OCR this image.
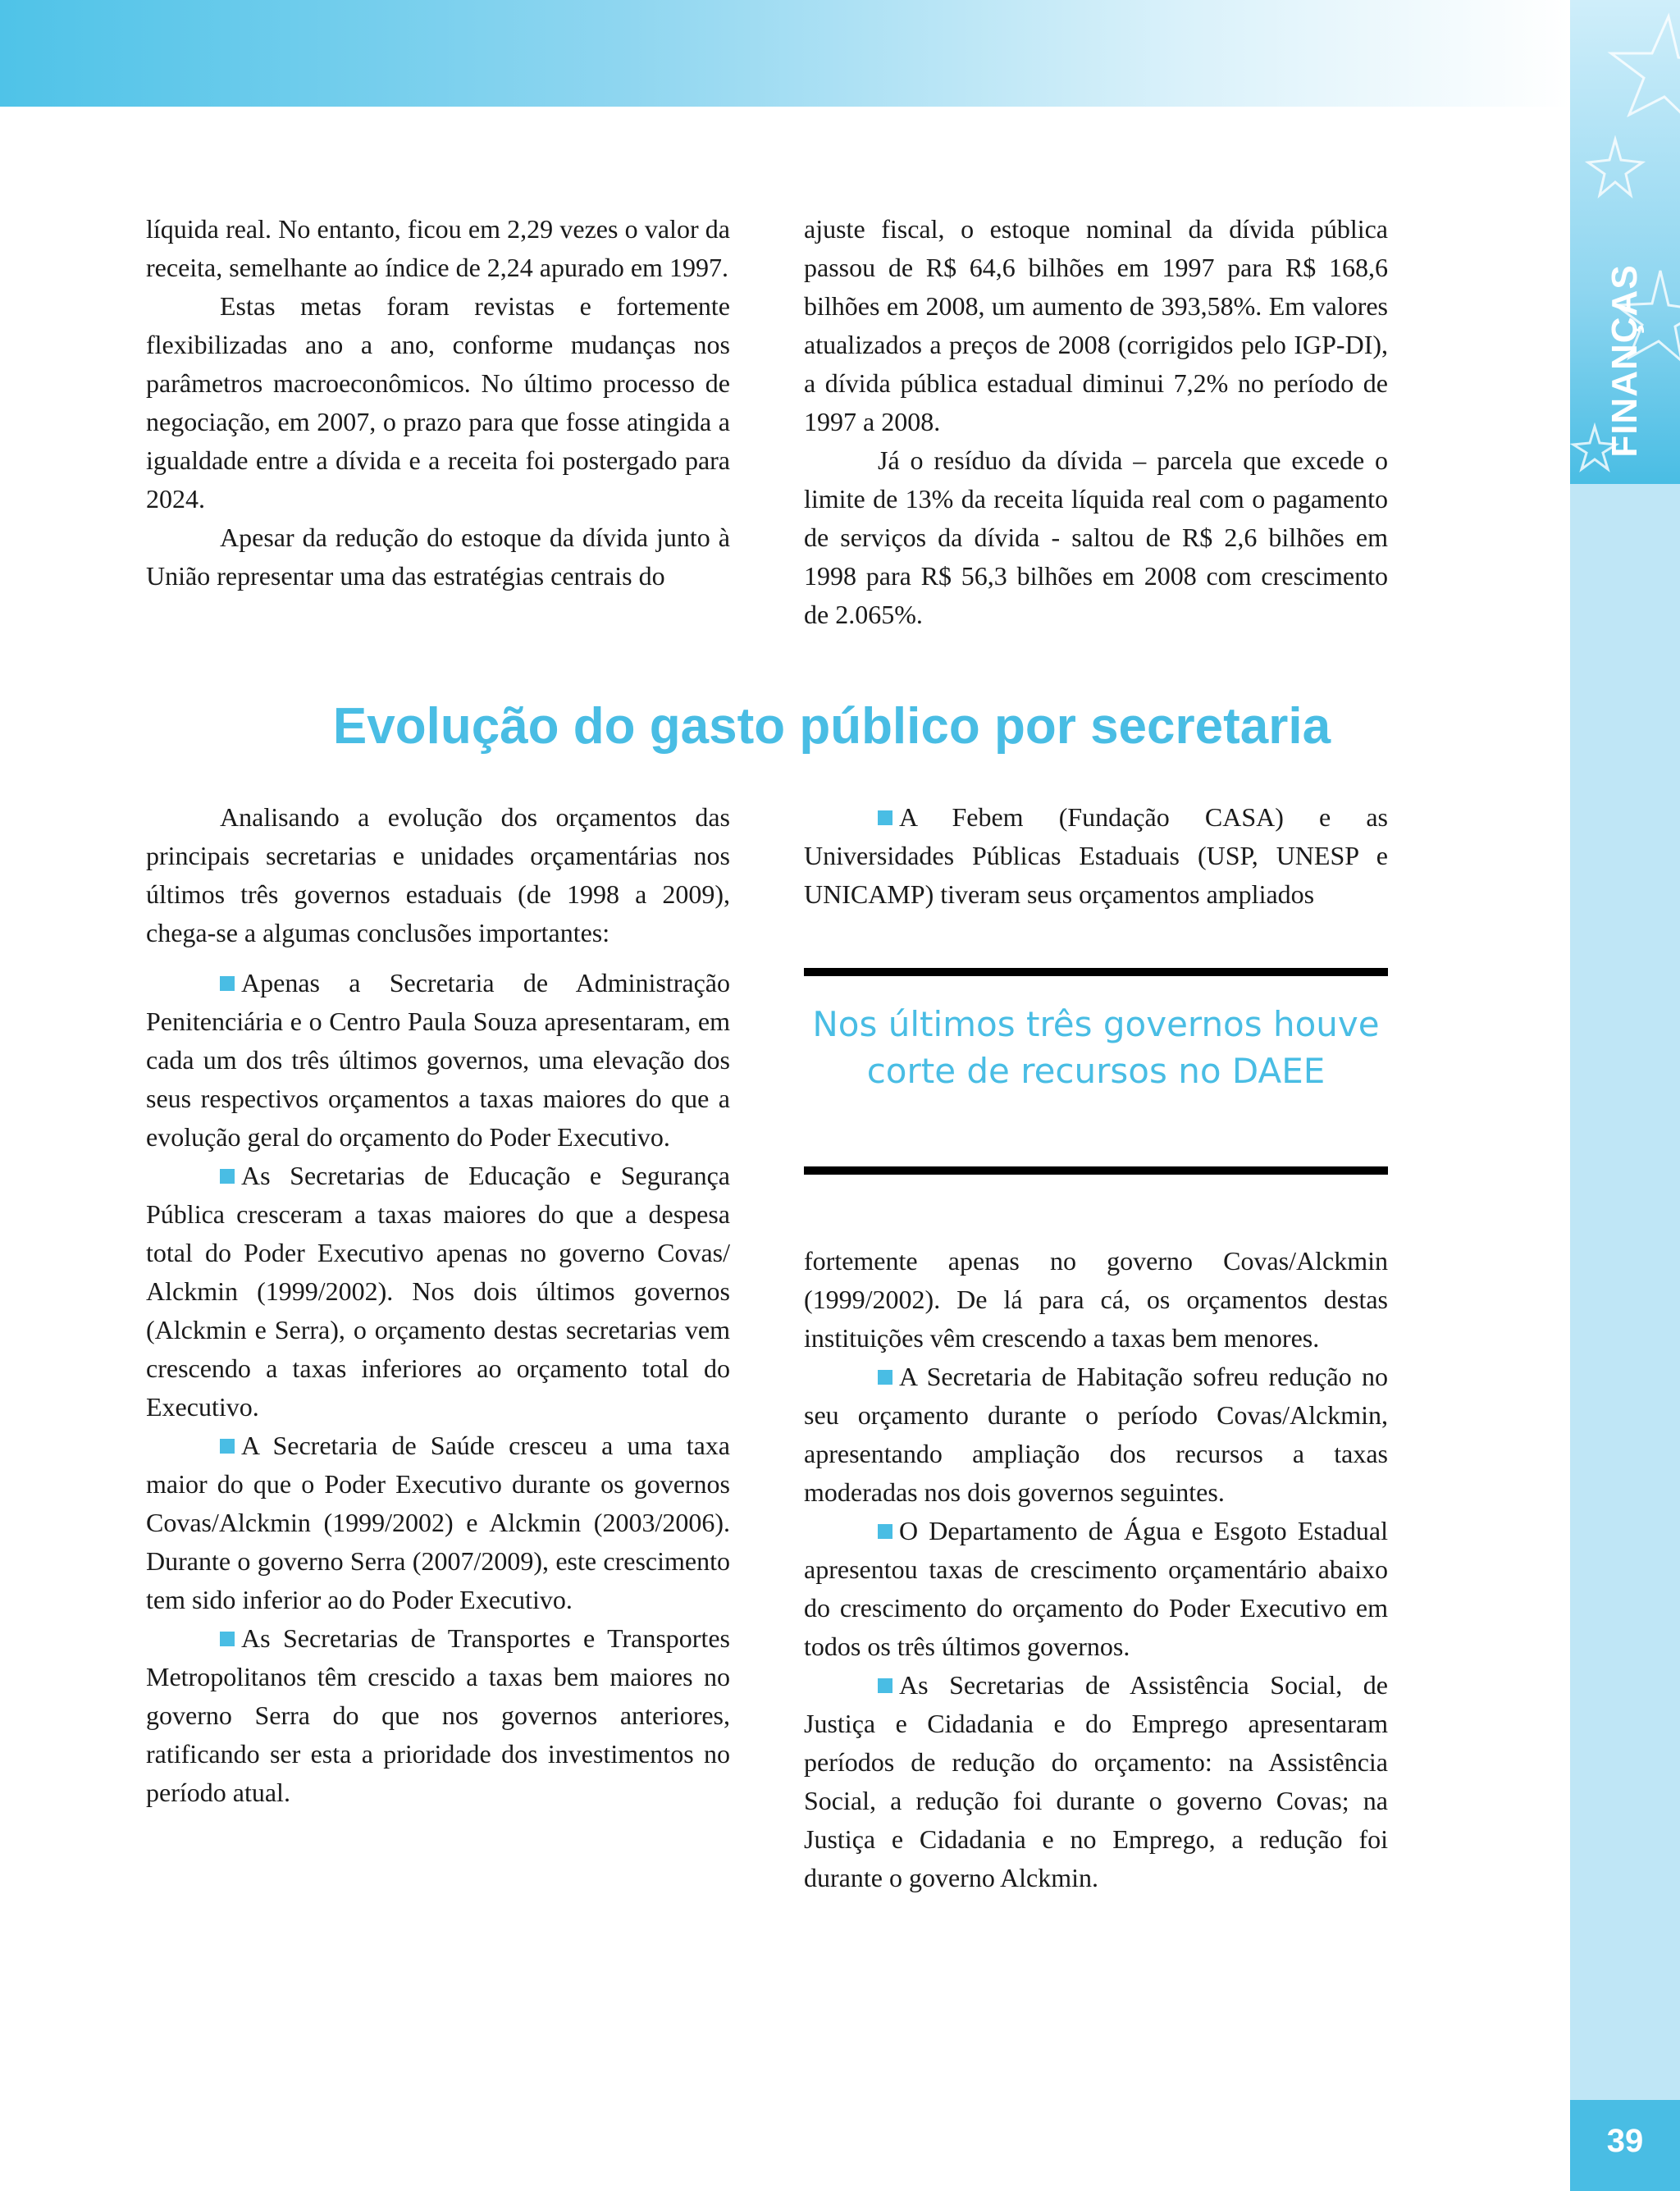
FINANÇAS
39

líquida real. No entanto, ficou em 2,29 vezes o valor da receita, semelhante ao índice de 2,24 apurado em 1997.

Estas metas foram revistas e fortemente flexibilizadas ano a ano, conforme mudanças nos parâmetros macroeconômicos. No último processo de negociação, em 2007, o prazo para que fosse atingida a igualdade entre a dívida e a receita foi postergado para 2024.

Apesar da redução do estoque da dívida junto à União representar uma das estratégias centrais do

ajuste fiscal, o estoque nominal da dívida pública passou de R$ 64,6 bilhões em 1997 para R$ 168,6 bilhões em 2008, um aumento de 393,58%. Em valores atualizados a preços de 2008 (corrigidos pelo IGP-DI), a dívida pública estadual diminui 7,2% no período de 1997 a 2008.

Já o resíduo da dívida – parcela que excede o limite de 13% da receita líquida real com o pagamento de serviços da dívida - saltou de R$ 2,6 bilhões em 1998 para R$ 56,3 bilhões em 2008 com crescimento de 2.065%.

Evolução do gasto público por secretaria

Analisando a evolução dos orçamentos das principais secretarias e unidades orçamentárias nos últimos três governos estaduais (de 1998 a 2009), chega-se a algumas conclusões importantes:

Apenas a Secretaria de Administração Penitenciária e o Centro Paula Souza apresentaram, em cada um dos três últimos governos, uma elevação dos seus respectivos orçamentos a taxas maiores do que a evolução geral do orçamento do Poder Executivo.

As Secretarias de Educação e Segurança Pública cresceram a taxas maiores do que a despesa total do Poder Executivo apenas no governo Covas/ Alckmin (1999/2002). Nos dois últimos governos (Alckmin e Serra), o orçamento destas secretarias vem crescendo a taxas inferiores ao orçamento total do Executivo.

A Secretaria de Saúde cresceu a uma taxa maior do que o Poder Executivo durante os governos Covas/Alckmin (1999/2002) e Alckmin (2003/2006). Durante o governo Serra (2007/2009), este crescimento tem sido inferior ao do Poder Executivo.

As Secretarias de Transportes e Transportes Metropolitanos têm crescido a taxas bem maiores no governo Serra do que nos governos anteriores, ratificando ser esta a prioridade dos investimentos no período atual.

A Febem (Fundação CASA) e as Universidades Públicas Estaduais (USP, UNESP e UNICAMP) tiveram seus orçamentos ampliados

Nos últimos três governos houve corte de recursos no DAEE

fortemente apenas no governo Covas/Alckmin (1999/2002). De lá para cá, os orçamentos destas instituições vêm crescendo a taxas bem menores.

A Secretaria de Habitação sofreu redução no seu orçamento durante o período Covas/Alckmin, apresentando ampliação dos recursos a taxas moderadas nos dois governos seguintes.

O Departamento de Água e Esgoto Estadual apresentou taxas de crescimento orçamentário abaixo do crescimento do orçamento do Poder Executivo em todos os três últimos governos.

As Secretarias de Assistência Social, de Justiça e Cidadania e do Emprego apresentaram períodos de redução do orçamento: na Assistência Social, a redução foi durante o governo Covas; na Justiça e Cidadania e no Emprego, a redução foi durante o governo Alckmin.
